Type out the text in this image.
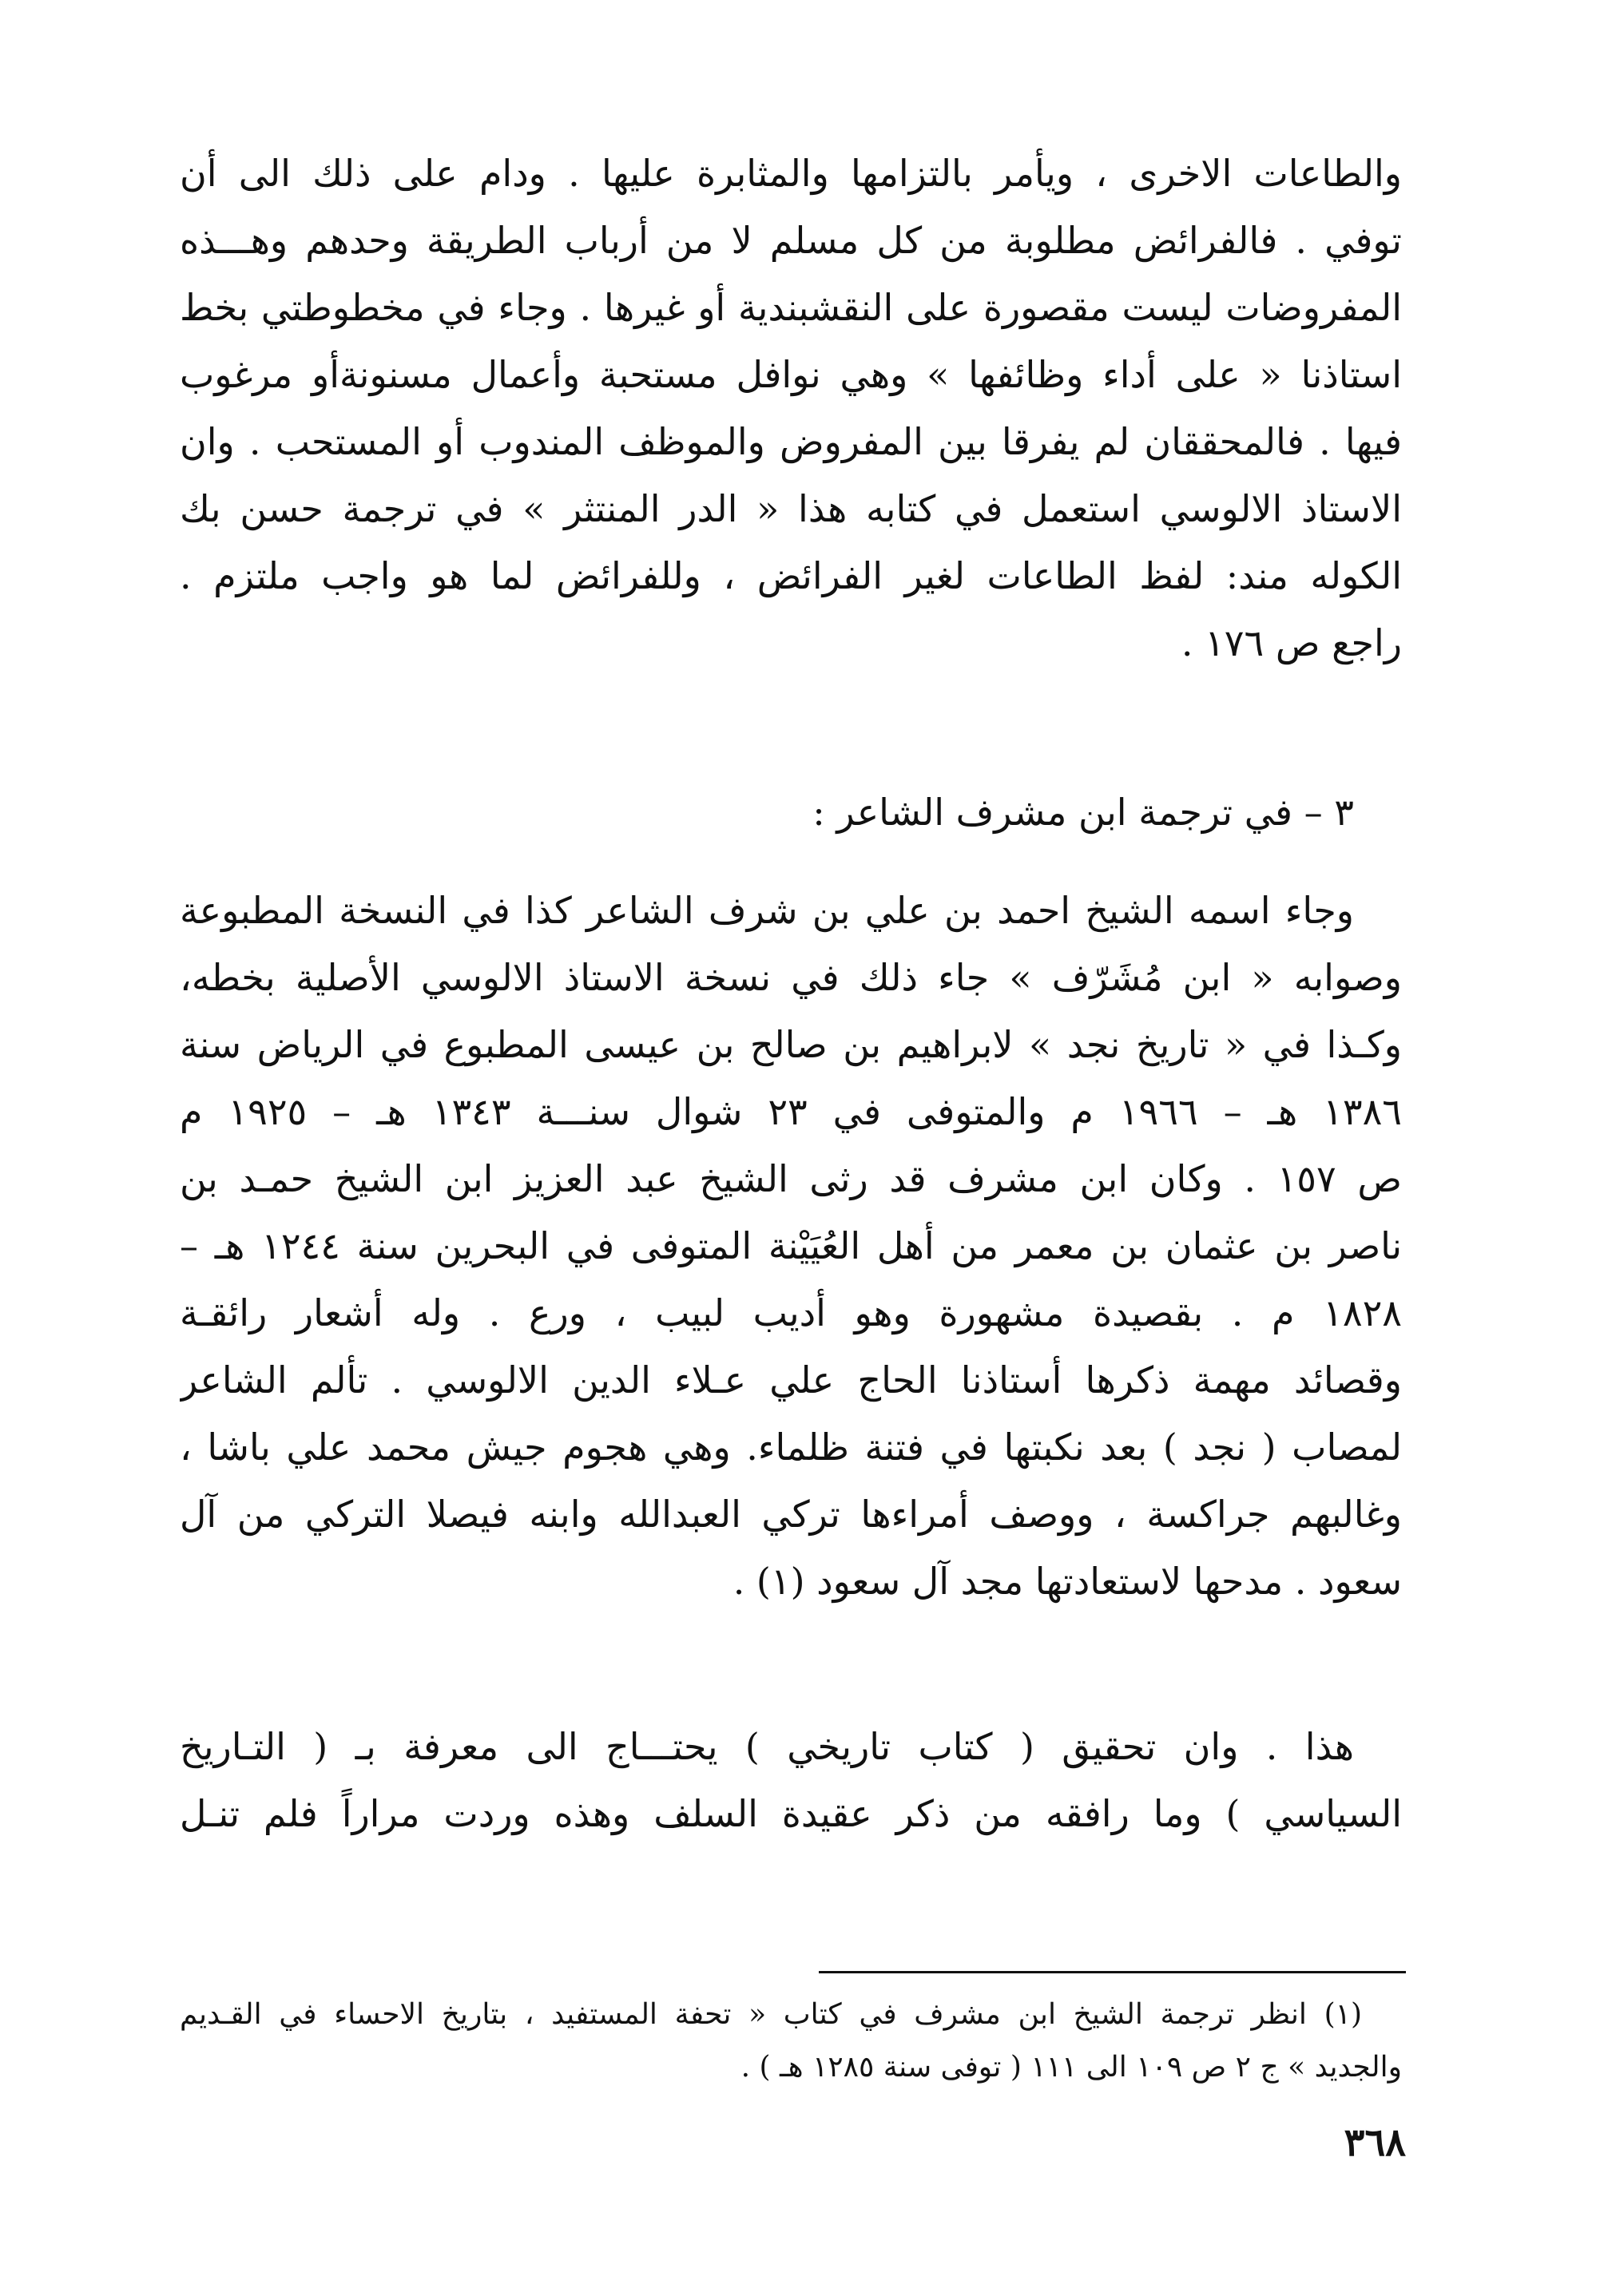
والطاعات الاخرى ، ويأمر بالتزامها والمثابرة عليها . ودام على ذلك الى أن
توفي . فالفرائض مطلوبة من كل مسلم لا من أرباب الطريقة وحدهم وهـــذه
المفروضات ليست مقصورة على النقشبندية أو غيرها . وجاء في مخطوطتي بخط
استاذنا « على أداء وظائفها » وهي نوافل مستحبة وأعمال مسنونةأو مرغوب
فيها . فالمحققان لم يفرقا بين المفروض والموظف المندوب أو المستحب . وان
الاستاذ الالوسي استعمل في كتابه هذا « الدر المنتثر » في ترجمة حسن بك
الكوله مند: لفظ الطاعات لغير الفرائض ، وللفرائض لما هو واجب ملتزم .
راجع ص ١٧٦ .
٣ – في ترجمة ابن مشرف الشاعر :
وجاء اسمه الشيخ احمد بن علي بن شرف الشاعر كذا في النسخة المطبوعة
وصوابه « ابن مُشَرّف » جاء ذلك في نسخة الاستاذ الالوسي الأصلية بخطه،
وكـذا في « تاريخ نجد » لابراهيم بن صالح بن عيسى المطبوع في الرياض سنة
١٣٨٦ هـ – ١٩٦٦ م والمتوفى في ٢٣ شوال سنـــة ١٣٤٣ هـ – ١٩٢٥ م
ص ١٥٧ . وكان ابن مشرف قد رثى الشيخ عبد العزيز ابن الشيخ حمـد بن
ناصر بن عثمان بن معمر من أهل العُيَيْنة المتوفى في البحرين سنة ١٢٤٤ هـ –
١٨٢٨ م . بقصيدة مشهورة وهو أديب لبيب ، ورع . وله أشعار رائقـة
وقصائد مهمة ذكرها أستاذنا الحاج علي عـلاء الدين الالوسي . تألم الشاعر
لمصاب ( نجد ) بعد نكبتها في فتنة ظلماء. وهي هجوم جيش محمد علي باشا ،
وغالبهم جراكسة ، ووصف أمراءها تركي العبدالله وابنه فيصلا التركي من آل
سعود . مدحها لاستعادتها مجد آل سعود (١) .
هذا . وان تحقيق ( كتاب تاريخي ) يحتـــاج الى معرفة بـ ( التـاريخ
السياسي ) وما رافقه من ذكر عقيدة السلف وهذه وردت مراراً فلم تنـل
(١) انظر ترجمة الشيخ ابن مشرف في كتاب « تحفة المستفيد ، بتاريخ الاحساء في القـديم
والجديد » ج ٢ ص ١٠٩ الى ١١١ ( توفى سنة ١٢٨٥ هـ ) .
٣٦٨
